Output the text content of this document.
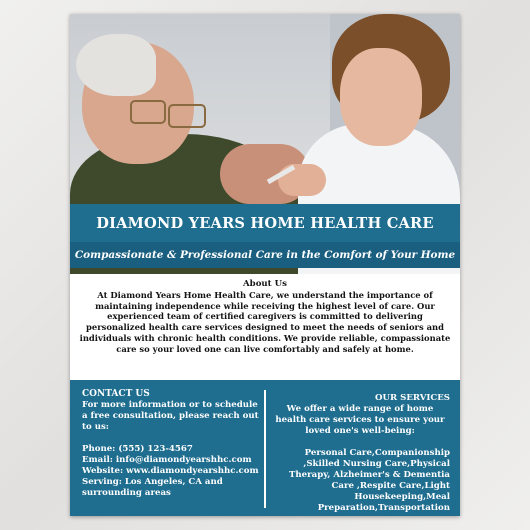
DIAMOND YEARS HOME HEALTH CARE
Compassionate & Professional Care in the Comfort of Your Home
About Us
At Diamond Years Home Health Care, we understand the importance of maintaining independence while receiving the highest level of care. Our experienced team of certified caregivers is committed to delivering personalized health care services designed to meet the needs of seniors and individuals with chronic health conditions. We provide reliable, compassionate care so your loved one can live comfortably and safely at home.

CONTACT US

For more information or to schedule a free consultation, please reach out to us:

Phone: (555) 123-4567

Email: info@diamondyearshhc.com

Website: www.diamondyearshhc.com

Serving: Los Angeles, CA and surrounding areas

OUR SERVICES

We offer a wide range of home health care services to ensure your loved one's well-being:

Personal Care,Companionship ,Skilled Nursing Care,Physical Therapy, Alzheimer's & Dementia Care ,Respite Care,Light Housekeeping,Meal Preparation,Transportation
